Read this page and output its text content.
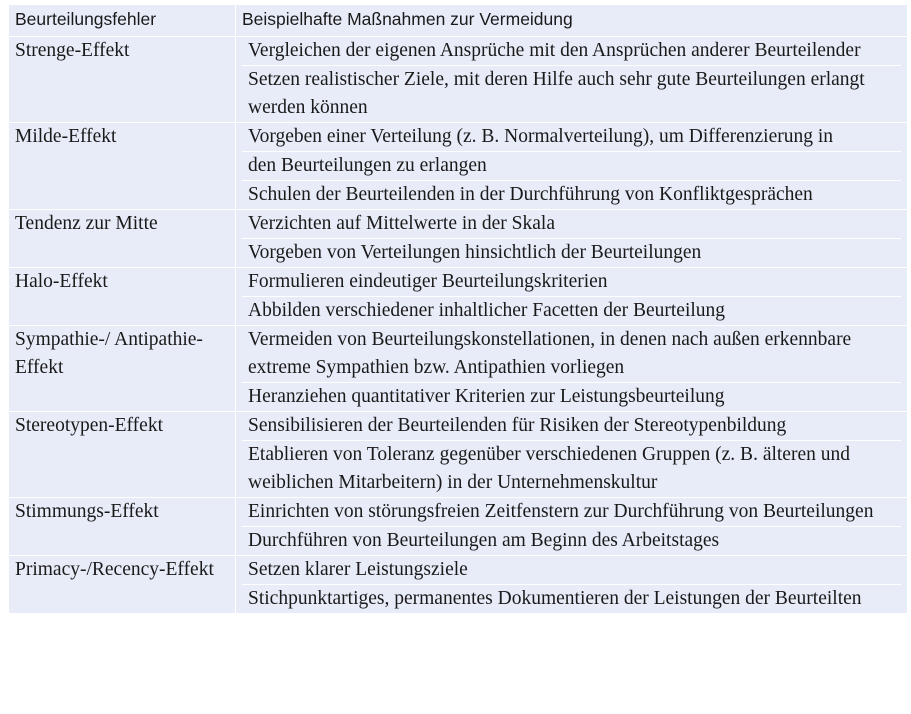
Beurteilungsfehler	Beispielhafte Maßnahmen zur Vermeidung
Strenge-Effekt	Vergleichen der eigenen Ansprüche mit den Ansprüchen anderer Beurteilender
Setzen realistischer Ziele, mit deren Hilfe auch sehr gute Beurteilungen erlangt werden können

Milde-Effekt	Vorgeben einer Verteilung (z. B. Normalverteilung), um Differenzierung in
den Beurteilungen zu erlangen
Schulen der Beurteilenden in der Durchführung von Konfliktgesprächen

Tendenz zur Mitte	Verzichten auf Mittelwerte in der Skala
Vorgeben von Verteilungen hinsichtlich der Beurteilungen

Halo-Effekt	Formulieren eindeutiger Beurteilungskriterien
Abbilden verschiedener inhaltlicher Facetten der Beurteilung

Sympathie-/ Antipathie-Effekt	Vermeiden von Beurteilungskonstellationen, in denen nach außen erkennbare extreme Sympathien bzw. Antipathien vorliegen
Heranziehen quantitativer Kriterien zur Leistungsbeurteilung

Stereotypen-Effekt	Sensibilisieren der Beurteilenden für Risiken der Stereotypenbildung
Etablieren von Toleranz gegenüber verschiedenen Gruppen (z. B. älteren und weiblichen Mitarbeitern) in der Unternehmenskultur

Stimmungs-Effekt	Einrichten von störungsfreien Zeitfenstern zur Durchführung von Beurteilungen
Durchführen von Beurteilungen am Beginn des Arbeitstages

Primacy-/Recency-Effekt	Setzen klarer Leistungsziele
Stichpunktartiges, permanentes Dokumentieren der Leistungen der Beurteilten
